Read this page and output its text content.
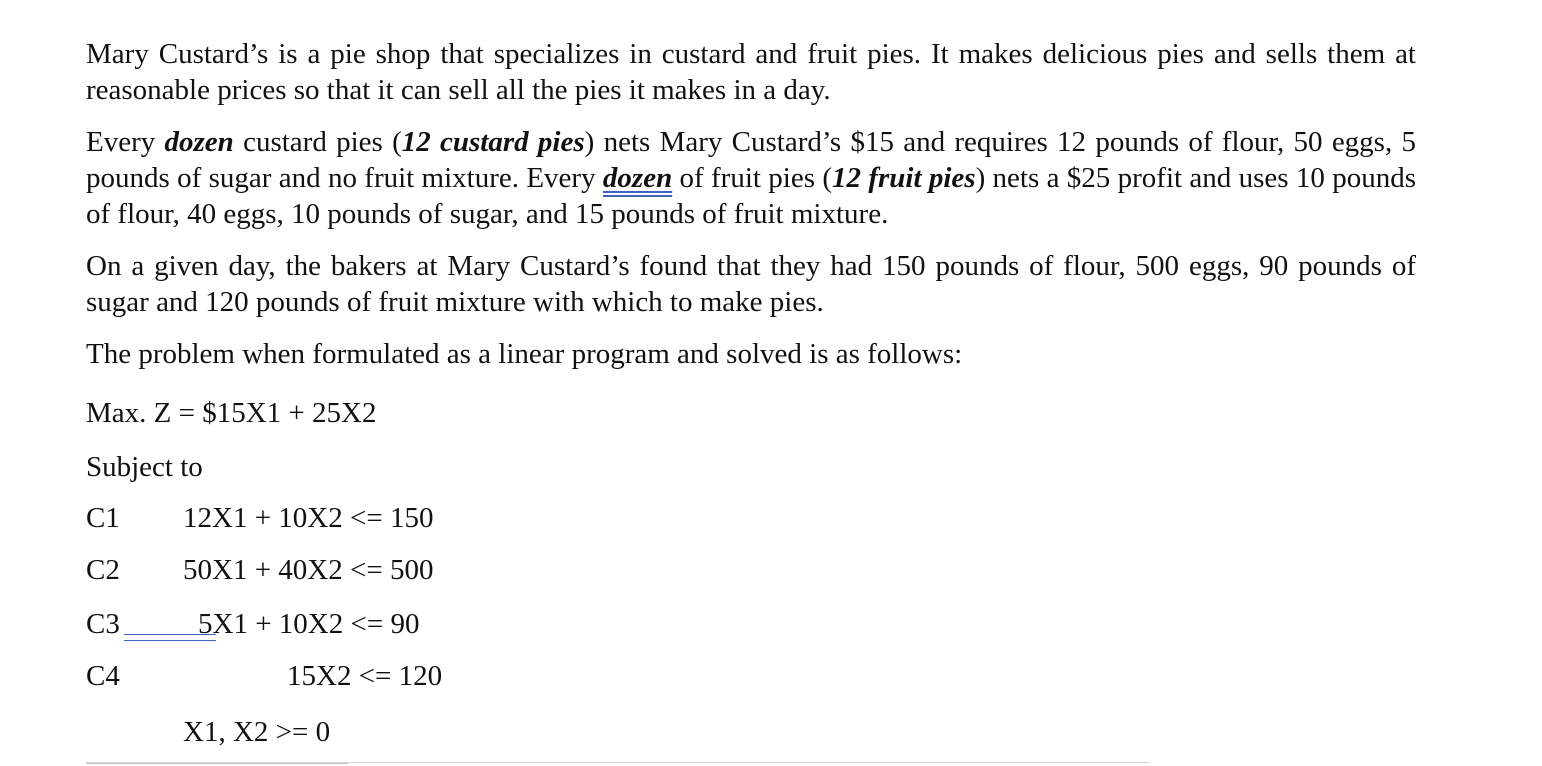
Mary Custard’s is a pie shop that specializes in custard and fruit pies. It makes delicious pies and sells them at reasonable prices so that it can sell all the pies it makes in a day.

Every dozen custard pies (12 custard pies) nets Mary Custard’s $15 and requires 12 pounds of flour, 50 eggs, 5 pounds of sugar and no fruit mixture. Every dozen of fruit pies (12 fruit pies) nets a $25 profit and uses 10 pounds of flour, 40 eggs, 10 pounds of sugar, and 15 pounds of fruit mixture.

On a given day, the bakers at Mary Custard’s found that they had 150 pounds of flour, 500 eggs, 90 pounds of sugar and 120 pounds of fruit mixture with which to make pies.

The problem when formulated as a linear program and solved is as follows:

Max. Z = $15X1 + 25X2
Subject to
C1 12X1 + 10X2 <= 150
C2 50X1 + 40X2 <= 500
C3	5X1 + 10X2 <= 90
C4	15X2 <= 120
X1, X2 >= 0
